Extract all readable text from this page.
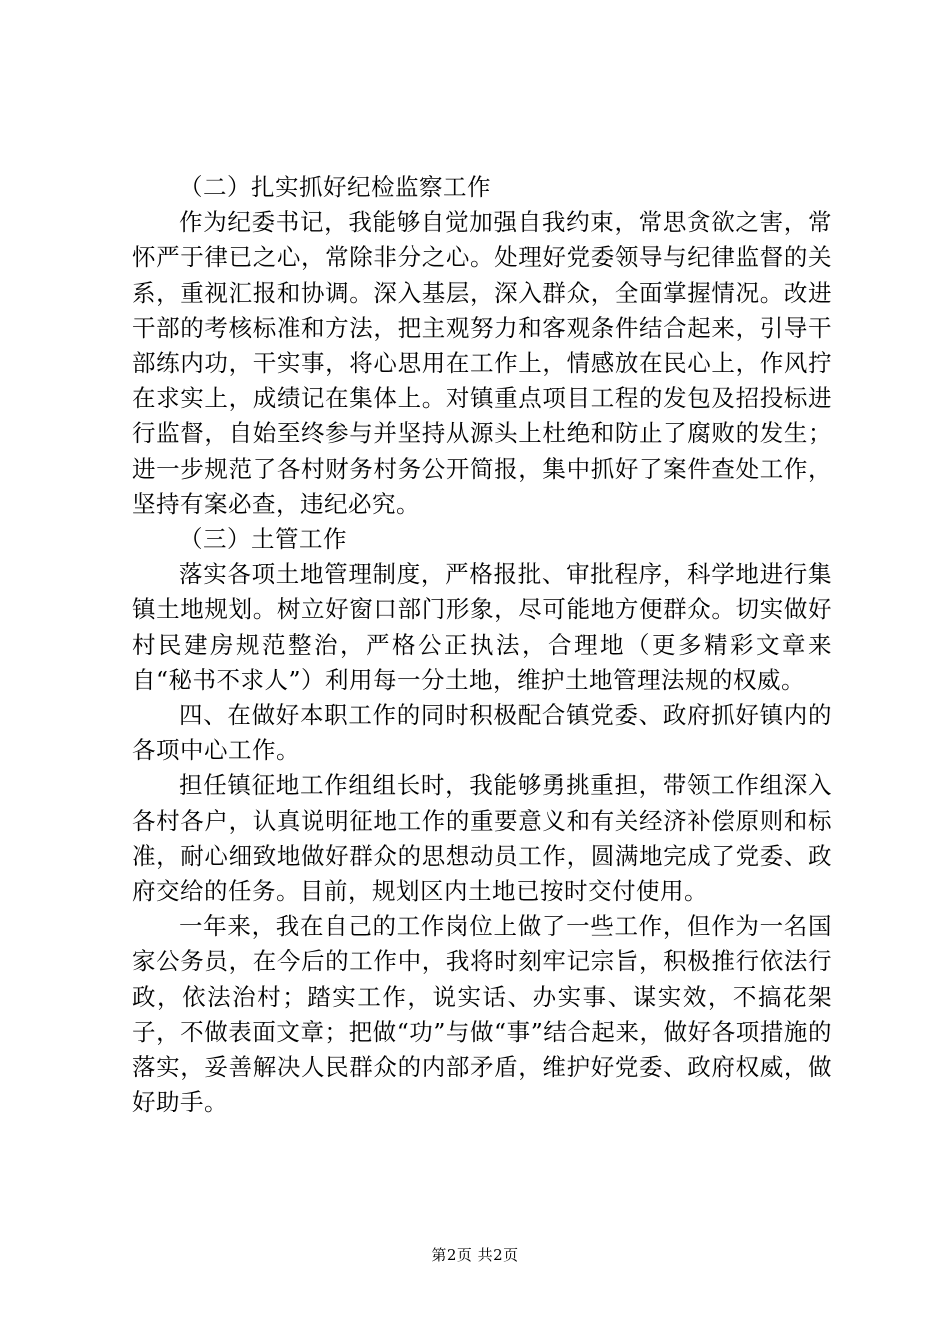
（二）扎实抓好纪检监察工作

作为纪委书记，我能够自觉加强自我约束，常思贪欲之害，常怀严于律已之心，常除非分之心。处理好党委领导与纪律监督的关系，重视汇报和协调。深入基层，深入群众，全面掌握情况。改进干部的考核标准和方法，把主观努力和客观条件结合起来，引导干部练内功，干实事，将心思用在工作上，情感放在民心上，作风拧在求实上，成绩记在集体上。对镇重点项目工程的发包及招投标进行监督，自始至终参与并坚持从源头上杜绝和防止了腐败的发生；进一步规范了各村财务村务公开简报，集中抓好了案件查处工作，坚持有案必查，违纪必究。

（三）土管工作

落实各项土地管理制度，严格报批、审批程序，科学地进行集镇土地规划。树立好窗口部门形象，尽可能地方便群众。切实做好村民建房规范整治，严格公正执法，合理地（更多精彩文章来自“秘书不求人”）利用每一分土地，维护土地管理法规的权威。

四、在做好本职工作的同时积极配合镇党委、政府抓好镇内的各项中心工作。

担任镇征地工作组组长时，我能够勇挑重担，带领工作组深入各村各户，认真说明征地工作的重要意义和有关经济补偿原则和标准，耐心细致地做好群众的思想动员工作，圆满地完成了党委、政府交给的任务。目前，规划区内土地已按时交付使用。

一年来，我在自己的工作岗位上做了一些工作，但作为一名国家公务员，在今后的工作中，我将时刻牢记宗旨，积极推行依法行政，依法治村；踏实工作，说实话、办实事、谋实效，不搞花架子，不做表面文章；把做“功”与做“事”结合起来，做好各项措施的落实，妥善解决人民群众的内部矛盾，维护好党委、政府权威，做好助手。

第2页 共2页
